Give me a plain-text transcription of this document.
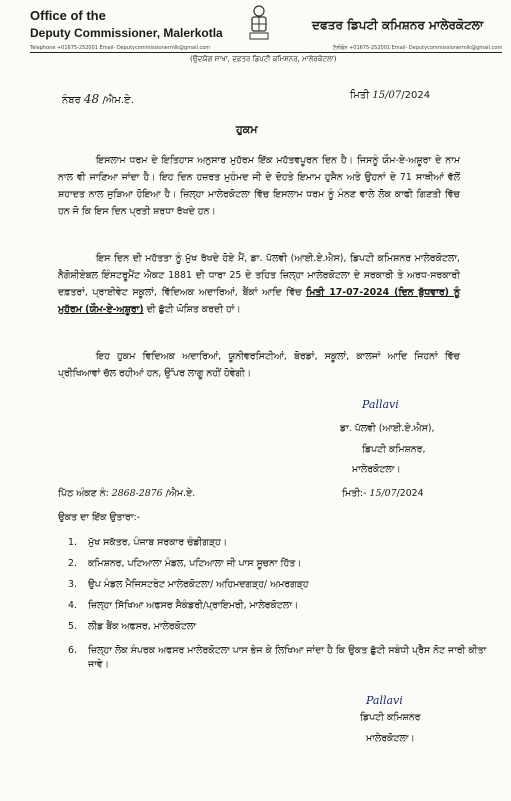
Office of the
Deputy Commissioner, Malerkotla
Telephone +01675-252001 Email- Deputycommissionermlk@gmail.com
ਦਫਤਰ ਡਿਪਟੀ ਕਮਿਸ਼ਨਰ ਮਾਲੇਰਕੋਟਲਾ
ਟੈਲੀਫੋਨ +01675-252001 Email- Deputycommissionermlk@gmail.com
(ਉਦਯੋਗ ਸ਼ਾਖਾ, ਦਫ਼ਤਰ ਡਿਪਟੀ ਕਮਿਸ਼ਨਰ, ਮਾਲੇਰਕੋਟਲਾ)
ਨੰਬਰ 48 /ਐਮ.ਏ.	ਮਿਤੀ 15/07/2024
ਹੁਕਮ
ਇਸਲਾਮ ਧਰਮ ਦੇ ਇਤਿਹਾਸ ਅਨੁਸਾਰ ਮੁਹੱਰਮ ਇੱਕ ਮਹੱਤਵਪੂਰਨ ਦਿਨ ਹੈ। ਜਿਸਨੂੰ ਯੌਮ-ਏ-ਅਸ਼ੂਰਾ ਦੇ ਨਾਮ ਨਾਲ ਵੀ ਜਾਣਿਆ ਜਾਂਦਾ ਹੈ। ਇਹ ਦਿਨ ਹਜ਼ਰਤ ਮੁਹੰਮਦ ਜੀ ਦੇ ਦੋਹਤੇ ਇਮਾਮ ਹੁਸੈਨ ਅਤੇ ਉਹਨਾਂ ਦੇ 71 ਸਾਥੀਆਂ ਵੱਲੋਂ ਸ਼ਹਾਦਤ ਨਾਲ ਜੁੜਿਆ ਹੋਇਆ ਹੈ। ਜ਼ਿਲ੍ਹਾ ਮਾਲੇਰਕੋਟਲਾ ਵਿੱਚ ਇਸਲਾਮ ਧਰਮ ਨੂੰ ਮੰਨਣ ਵਾਲੇ ਲੋਕ ਕਾਫੀ ਗਿਣਤੀ ਵਿੱਚ ਹਨ ਜੋ ਕਿ ਇਸ ਦਿਨ ਪ੍ਰਤੀ ਸ਼ਰਧਾ ਰੱਖਦੇ ਹਨ।
ਇਸ ਦਿਨ ਦੀ ਮਹੱਤਤਾ ਨੂੰ ਮੁੱਖ ਰੱਖਦੇ ਹੋਏ ਮੈਂ, ਡਾ. ਪੱਲਵੀ (ਆਈ.ਏ.ਐਸ), ਡਿਪਟੀ ਕਮਿਸ਼ਨਰ ਮਾਲੇਰਕੋਟਲਾ, ਨੈਗੋਸ਼ੀਏਬਲ ਇੰਸਟਰੂਮੈਂਟ ਐਕਟ 1881 ਦੀ ਧਾਰਾ 25 ਦੇ ਤਹਿਤ ਜ਼ਿਲ੍ਹਾ ਮਾਲੇਰਕੋਟਲਾ ਦੇ ਸਰਕਾਰੀ ਤੇ ਅਰਧ-ਸਰਕਾਰੀ ਦਫ਼ਤਰਾਂ, ਪ੍ਰਾਈਵੇਟ ਸਕੂਲਾਂ, ਵਿੱਦਿਅਕ ਅਦਾਰਿਆਂ, ਬੈਂਕਾਂ ਆਦਿ ਵਿੱਚ ਮਿਤੀ 17-07-2024 (ਦਿਨ ਬੁੱਧਵਾਰ) ਨੂੰ ਮੁਹੱਰਮ (ਯੌਮ-ਏ-ਅਸ਼ੂਰਾ) ਦੀ ਛੁੱਟੀ ਘੋਸ਼ਿਤ ਕਰਦੀ ਹਾਂ।
ਇਹ ਹੁਕਮ ਵਿਦਿਅਕ ਅਦਾਰਿਆਂ, ਯੂਨੀਵਰਸਿਟੀਆਂ, ਬੋਰਡਾਂ, ਸਕੂਲਾਂ, ਕਾਲਜਾਂ ਆਦਿ ਜਿਹਨਾਂ ਵਿੱਚ ਪ੍ਰੀਖਿਆਵਾਂ ਚੱਲ ਰਹੀਆਂ ਹਨ, ਉੱਪਰ ਲਾਗੂ ਨਹੀਂ ਹੋਵੇਗੀ।
Pallavi
ਡਾ. ਪੱਲਵੀ (ਆਈ.ਏ.ਐਸ),
ਡਿਪਟੀ ਕਮਿਸ਼ਨਰ,
ਮਾਲੇਰਕੋਟਲਾ।
ਪਿੱਠ ਅੰਕਣ ਨੰ: 2868-2876 /ਐਮ.ਏ.	ਮਿਤੀ:- 15/07/2024
ਉਕਤ ਦਾ ਇੱਕ ਉਤਾਰਾ:-
1. ਮੁੱਖ ਸਕੱਤਰ, ਪੰਜਾਬ ਸਰਕਾਰ ਚੰਡੀਗੜ੍ਹ।
2. ਕਮਿਸ਼ਨਰ, ਪਟਿਆਲਾ ਮੰਡਲ, ਪਟਿਆਲਾ ਜੀ ਪਾਸ ਸੂਚਨਾ ਹਿੱਤ।
3. ਉਪ ਮੰਡਲ ਮੈਜਿਸਟਰੇਟ ਮਾਲੇਰਕੋਟਲਾ/ ਅਹਿਮਦਗੜ੍ਹ/ ਅਮਰਗੜ੍ਹ
4. ਜ਼ਿਲ੍ਹਾ ਸਿੱਖਿਆ ਅਫਸਰ ਸੈਕੰਡਰੀ/ਪ੍ਰਾਇਮਰੀ, ਮਾਲੇਰਕੋਟਲਾ।
5. ਲੀਡ ਬੈਂਕ ਅਫਸਰ, ਮਾਲੇਰਕੋਟਲਾ
6. ਜ਼ਿਲ੍ਹਾ ਲੋਕ ਸੰਪਰਕ ਅਫਸਰ ਮਾਲੇਰਕੋਟਲਾ ਪਾਸ ਭੇਜ ਕੇ ਲਿਖਿਆ ਜਾਂਦਾ ਹੈ ਕਿ ਉਕਤ ਛੁੱਟੀ ਸਬੰਧੀ ਪ੍ਰੈੱਸ ਨੋਟ ਜਾਰੀ ਕੀਤਾ ਜਾਵੇ।
Pallavi
ਡਿਪਟੀ ਕਮਿਸ਼ਨਰ
ਮਾਲੇਰਕੋਟਲਾ।
